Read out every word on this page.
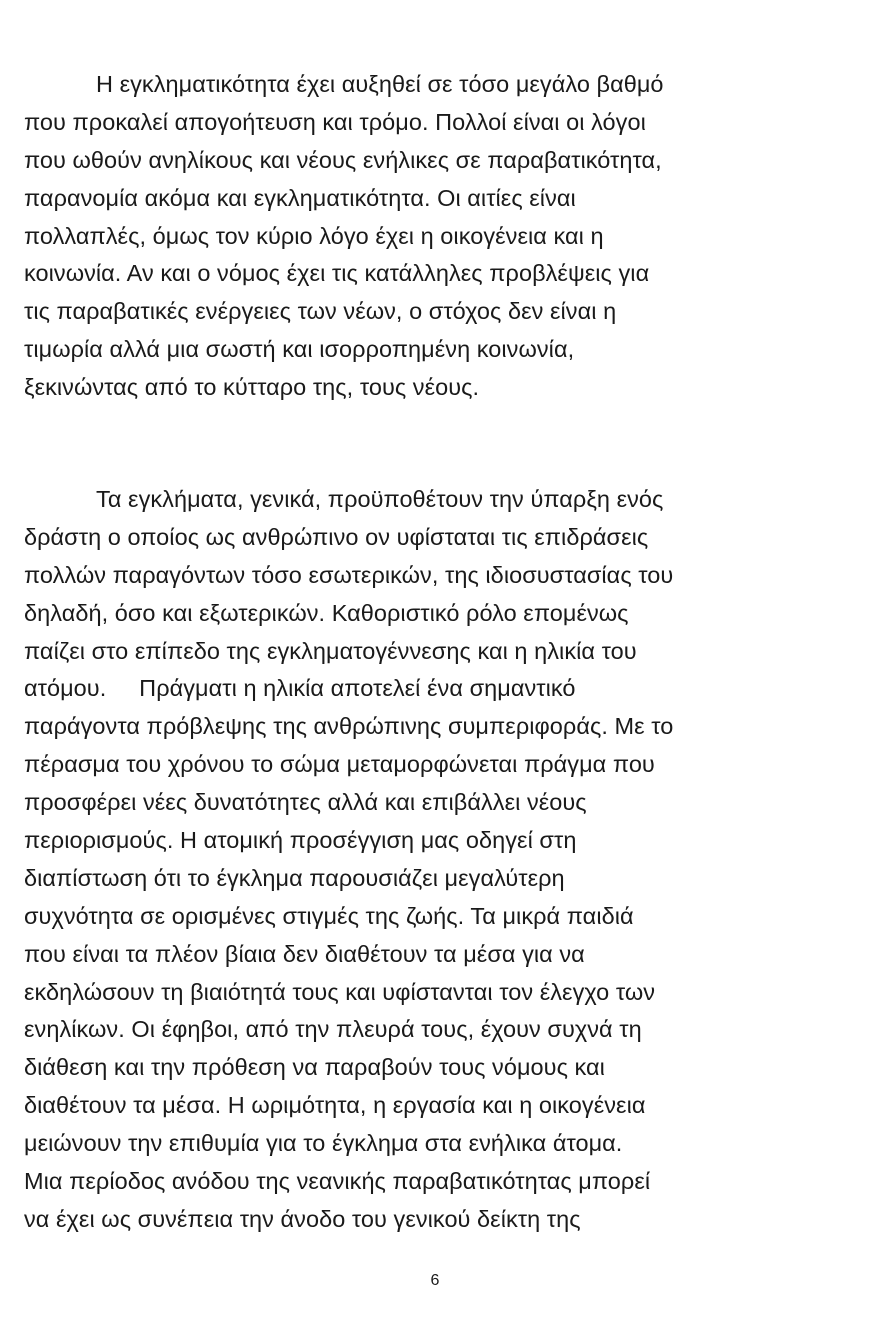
Η εγκληματικότητα έχει αυξηθεί σε τόσο μεγάλο βαθμό
που προκαλεί απογοήτευση και τρόμο. Πολλοί είναι οι λόγοι
που ωθούν ανηλίκους και νέους ενήλικες σε παραβατικότητα,
παρανομία ακόμα και εγκληματικότητα. Οι αιτίες είναι
πολλαπλές, όμως τον κύριο λόγο έχει η οικογένεια και η
κοινωνία. Αν και ο νόμος έχει τις κατάλληλες προβλέψεις για
τις παραβατικές ενέργειες των νέων, ο στόχος δεν είναι η
τιμωρία αλλά μια σωστή και ισορροπημένη κοινωνία,
ξεκινώντας από το κύτταρο της, τους νέους.
Τα εγκλήματα, γενικά, προϋποθέτουν την ύπαρξη ενός
δράστη ο οποίος ως ανθρώπινο ον υφίσταται τις επιδράσεις
πολλών παραγόντων τόσο εσωτερικών, της ιδιοσυστασίας του
δηλαδή, όσο και εξωτερικών. Καθοριστικό ρόλο επομένως
παίζει στο επίπεδο της εγκληματογέννεσης και η ηλικία του
ατόμου.     Πράγματι η ηλικία αποτελεί ένα σημαντικό
παράγοντα πρόβλεψης της ανθρώπινης συμπεριφοράς. Με το
πέρασμα του χρόνου το σώμα μεταμορφώνεται πράγμα που
προσφέρει νέες δυνατότητες αλλά και επιβάλλει νέους
περιορισμούς. Η ατομική προσέγγιση μας οδηγεί στη
διαπίστωση ότι το έγκλημα παρουσιάζει μεγαλύτερη
συχνότητα σε ορισμένες στιγμές της ζωής. Τα μικρά παιδιά
που είναι τα πλέον βίαια δεν διαθέτουν τα μέσα για να
εκδηλώσουν τη βιαιότητά τους και υφίστανται τον έλεγχο των
ενηλίκων. Οι έφηβοι, από την πλευρά τους, έχουν συχνά τη
διάθεση και την πρόθεση να παραβούν τους νόμους και
διαθέτουν τα μέσα. Η ωριμότητα, η εργασία και η οικογένεια
μειώνουν την επιθυμία για το έγκλημα στα ενήλικα άτομα.
Μια περίοδος ανόδου της νεανικής παραβατικότητας μπορεί
να έχει ως συνέπεια την άνοδο του γενικού δείκτη της
6
